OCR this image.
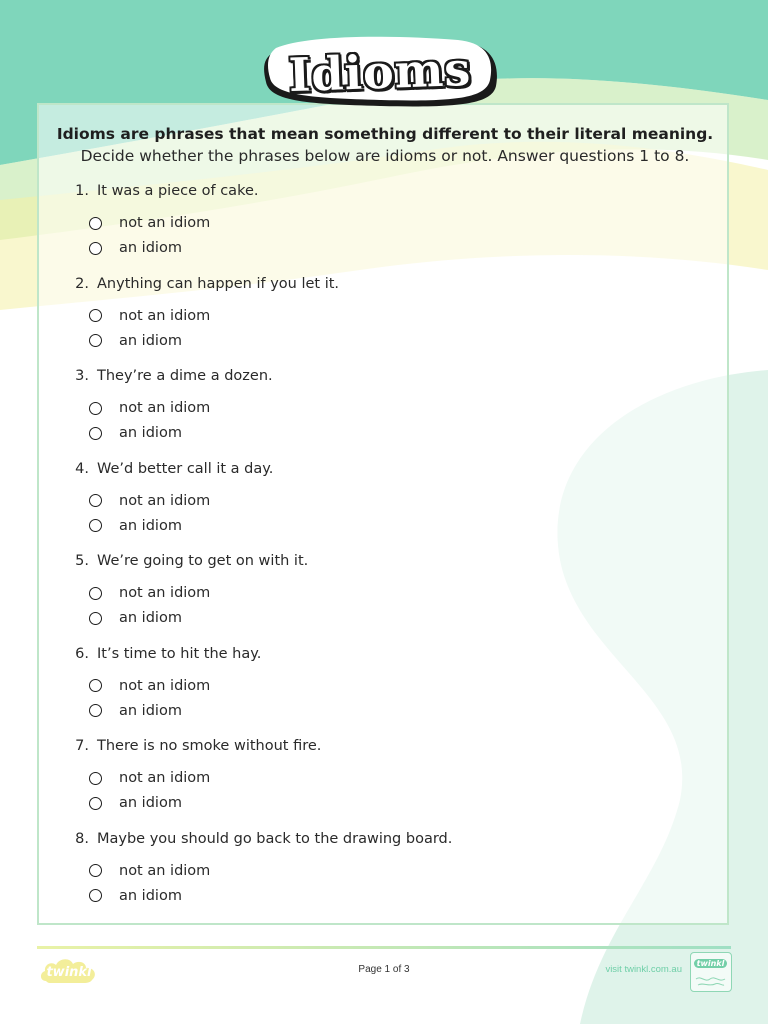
Idioms
Idioms are phrases that mean something different to their literal meaning.
Decide whether the phrases below are idioms or not. Answer questions 1 to 8.
1. It was a piece of cake.
not an idiom
an idiom
2. Anything can happen if you let it.
not an idiom
an idiom
3. They’re a dime a dozen.
not an idiom
an idiom
4. We’d better call it a day.
not an idiom
an idiom
5. We’re going to get on with it.
not an idiom
an idiom
6. It’s time to hit the hay.
not an idiom
an idiom
7. There is no smoke without fire.
not an idiom
an idiom
8. Maybe you should go back to the drawing board.
not an idiom
an idiom
twinkl	Page 1 of 3	visit twinkl.com.au
twinkl
